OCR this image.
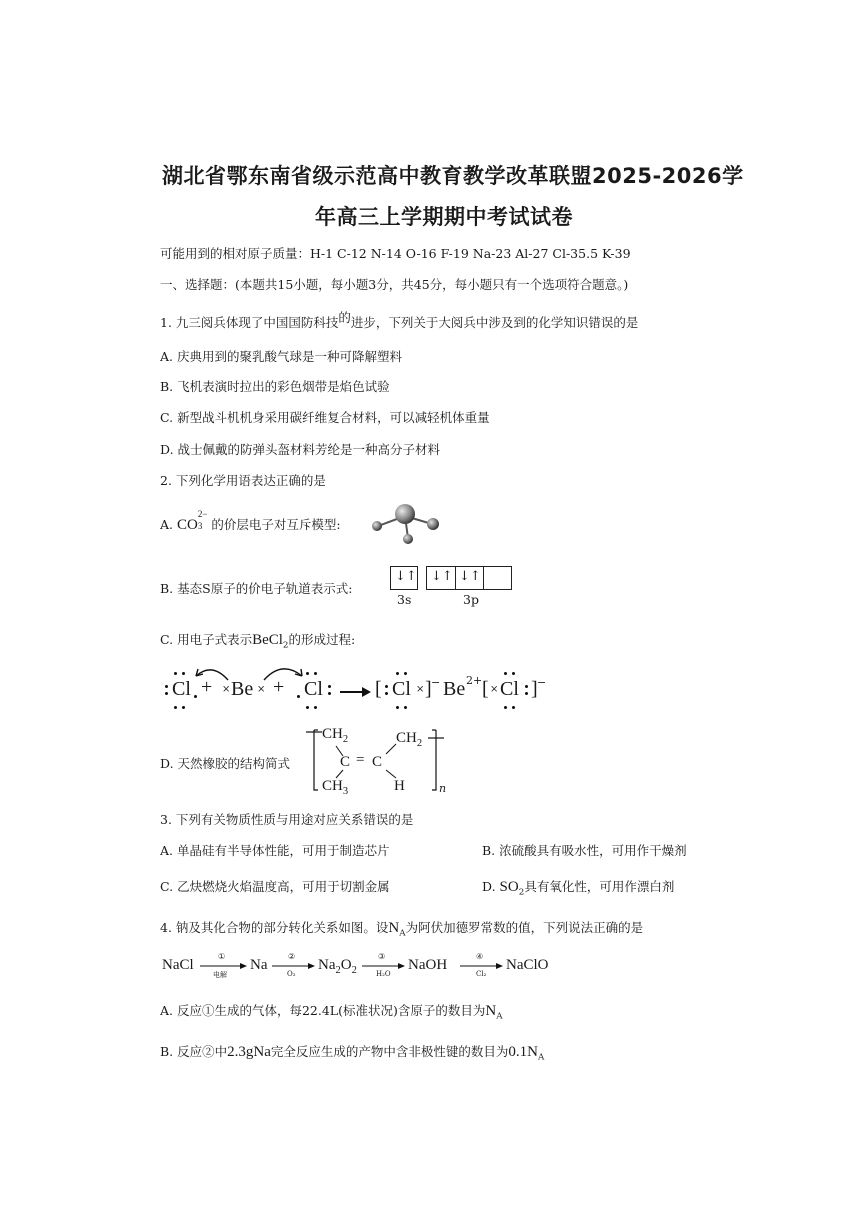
湖北省鄂东南省级示范高中教育教学改革联盟2025-2026学
年高三上学期期中考试试卷
可能用到的相对原子质量：H-1 C-12 N-14 O-16 F-19 Na-23 Al-27 Cl-35.5 K-39
一、选择题：(本题共15小题，每小题3分，共45分，每小题只有一个选项符合题意。)
1. 九三阅兵体现了中国国防科技的进步，下列关于大阅兵中涉及到的化学知识错误的是
A. 庆典用到的聚乳酸气球是一种可降解塑料
B. 飞机表演时拉出的彩色烟带是焰色试验
C. 新型战斗机机身采用碳纤维复合材料，可以减轻机体重量
D. 战士佩戴的防弹头盔材料芳纶是一种高分子材料
2. 下列化学用语表达正确的是
A. CO
2−
3 的价层电子对互斥模型:
B. 基态S原子的价电子轨道表示式:
↓↑ ↓↑ ↓↑
3s	3p
C. 用电子式表示BeCl$_2$的形成过程:
Cl + × Be × + Cl → [ Cl × ] − Be 2+ [ × Cl ] −
D. 天然橡胶的结构简式
$CH_2$	$CH_2$
C = C
$CH_3$	H	n
3. 下列有关物质性质与用途对应关系错误的是
A. 单晶硅有半导体性能，可用于制造芯片	B. 浓硫酸具有吸水性，可用作干燥剂
C. 乙炔燃烧火焰温度高，可用于切割金属	D. $SO_2$具有氧化性，可用作漂白剂
4. 钠及其化合物的部分转化关系如图。设$N_A$为阿伏加德罗常数的值，下列说法正确的是
NaCl
①
电解
Na
②
O₂
$Na_2O_2$
③
H₂O
NaOH
④
Cl₂
NaClO
A. 反应①生成的气体，每22.4L(标准状况)含原子的数目为$N_A$
B. 反应②中2.3gNa完全反应生成的产物中含非极性键的数目为$0.1N_A$
